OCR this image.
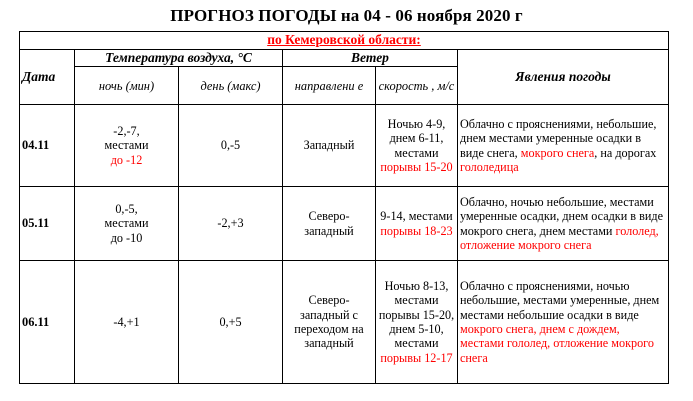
ПРОГНОЗ ПОГОДЫ на 04 - 06 ноября 2020 г
по Кемеровской области:					
Дата	Температура воздуха, °С		Ветер		Явления погоды
	ночь (мин)	день (макс)	направлени е	скорость , м/с	
04.11	-2,-7,
местами
до -12	0,-5	Западный	Ночью 4-9, днем 6-11, местами порывы 15-20	Облачно с прояснениями, небольшие, днем местами умеренные осадки в виде снега, мокрого снега, на дорогах гололедица
05.11	0,-5,
местами
до -10	-2,+3	Северо-западный	9-14, местами порывы 18-23	Облачно, ночью небольшие, местами умеренные осадки, днем осадки в виде мокрого снега, днем местами гололед, отложение мокрого снега
06.11	-4,+1	0,+5	Северо-западный с переходом на западный	Ночью 8-13, местами порывы 15-20, днем 5-10, местами порывы 12-17	Облачно с прояснениями, ночью небольшие, местами умеренные, днем местами небольшие осадки в виде мокрого снега, днем с дождем, местами гололед, отложение мокрого снега
